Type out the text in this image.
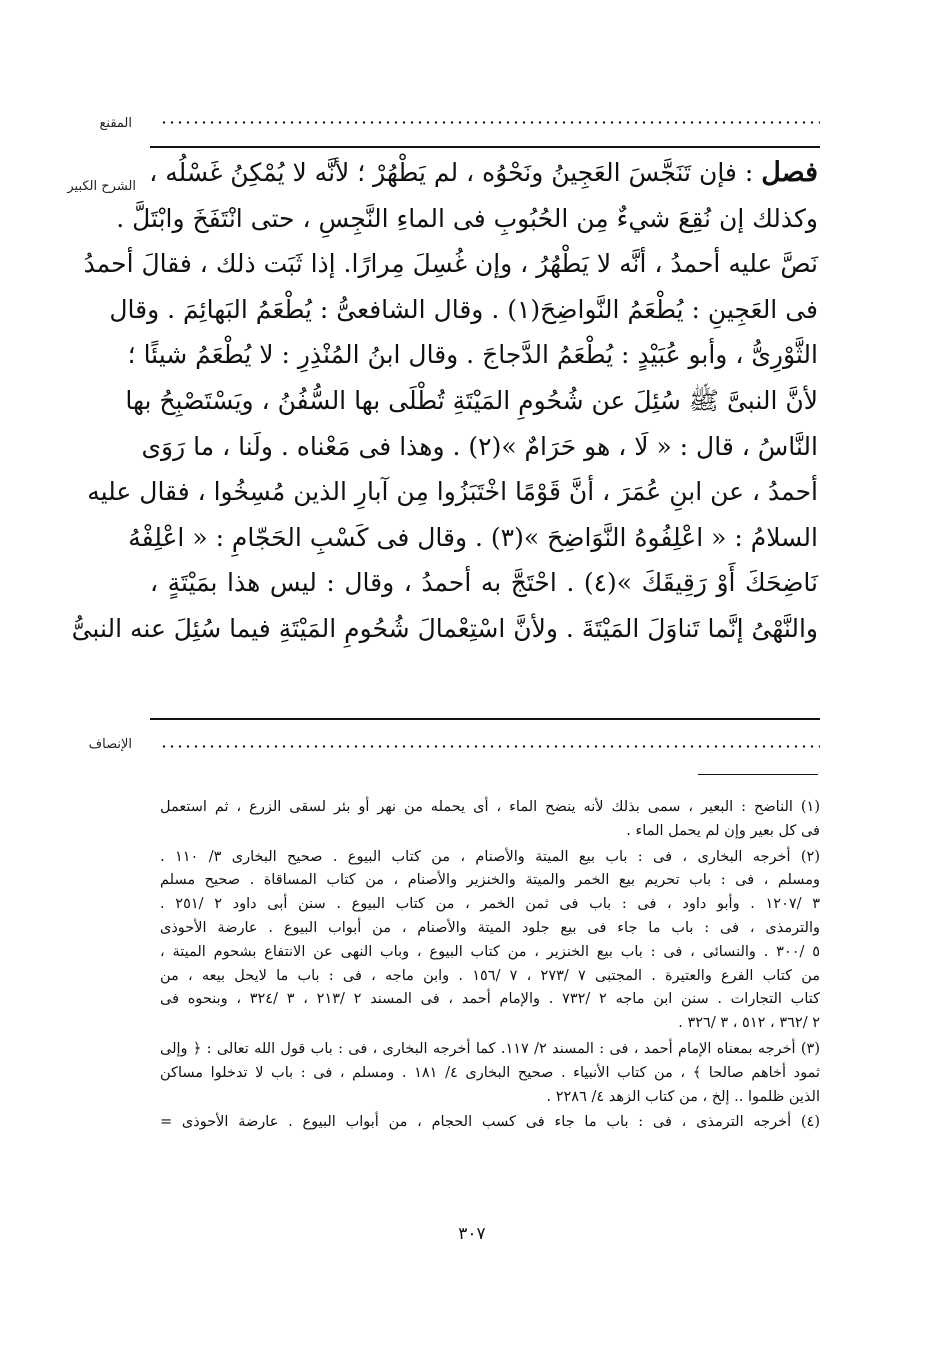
المقنع
الشرح الكبير
الإنصاف
فصل : فإن تَنَجَّسَ العَجِينُ ونَحْوُه ، لم يَطْهُرْ ؛ لأنَّه لا يُمْكِنُ غَسْلُه ،
وكذلك إن نُقِعَ شيءٌ مِن الحُبُوبِ فى الماءِ النَّجِسِ ، حتى انْتَفَخَ وابْتَلَّ .
نَصَّ عليه أحمدُ ، أنَّه لا يَطْهُرُ ، وإن غُسِلَ مِرارًا. إذا ثَبَت ذلك ، فقالَ أحمدُ
فى العَجِينِ : يُطْعَمُ النَّواضِحَ(١) . وقال الشافعىُّ : يُطْعَمُ البَهائِمَ . وقال
الثَّوْرِىُّ ، وأبو عُبَيْدٍ : يُطْعَمُ الدَّجاجَ . وقال ابنُ المُنْذِرِ : لا يُطْعَمُ شيئًا ؛
لأنَّ النبىَّ ﷺ سُئِلَ عن شُحُومِ المَيْتَةِ تُطْلَى بها السُّفُنُ ، ويَسْتَصْبِحُ بها
النَّاسُ ، قال : « لَا ، هو حَرَامٌ »(٢) . وهذا فى مَعْناه . ولَنا ، ما رَوَى
أحمدُ ، عن ابنِ عُمَرَ ، أنَّ قَوْمًا اخْتَبَزُوا مِن آبارِ الذين مُسِخُوا ، فقال عليه
السلامُ : « اعْلِفُوهُ النَّوَاضِحَ »(٣) . وقال فى كَسْبِ الحَجّامِ : « اعْلِفْهُ
نَاضِحَكَ أَوْ رَقِيقَكَ »(٤) . احْتَجَّ به أحمدُ ، وقال : ليس هذا بمَيْتَةٍ ،
والنَّهْىُ إنَّما تَناوَلَ المَيْتَةَ . ولأنَّ اسْتِعْمالَ شُحُومِ المَيْتَةِ فيما سُئِلَ عنه النبىُّ
(١) الناضح : البعير ، سمى بذلك لأنه ينضح الماء ، أى يحمله من نهر أو بئر لسقى الزرع ، ثم استعمل
فى كل بعير وإن لم يحمل الماء .
(٢) أخرجه البخارى ، فى : باب بيع الميتة والأصنام ، من كتاب البيوع . صحيح البخارى ٣/ ١١٠ .
ومسلم ، فى : باب تحريم بيع الخمر والميتة والخنزير والأصنام ، من كتاب المساقاة . صحيح مسلم
٣ /١٢٠٧ . وأبو داود ، فى : باب فى ثمن الخمر ، من كتاب البيوع . سنن أبى داود ٢ /٢٥١ .
والترمذى ، فى : باب ما جاء فى بيع جلود الميتة والأصنام ، من أبواب البيوع . عارضة الأحوذى
٥ /٣٠٠ . والنسائى ، فى : باب بيع الخنزير ، من كتاب البيوع ، وباب النهى عن الانتفاع بشحوم الميتة ،
من كتاب الفرع والعتيرة . المجتبى ٧ /٢٧٣ ، ٧ /١٥٦ . وابن ماجه ، فى : باب ما لايحل بيعه ، من
كتاب التجارات . سنن ابن ماجه ٢ /٧٣٢ . والإمام أحمد ، فى المسند ٢ /٢١٣ ، ٣ /٣٢٤ ، وبنحوه فى
٢ /٣٦٢ ، ٥١٢ ، ٣ /٣٢٦ .
(٣) أخرجه بمعناه الإمام أحمد ، فى : المسند ٢/ ١١٧. كما أخرجه البخارى ، فى : باب قول الله تعالى : ﴿ وإلى
ثمود أخاهم صالحا ﴾ ، من كتاب الأنبياء . صحيح البخارى ٤/ ١٨١ . ومسلم ، فى : باب لا تدخلوا مساكن
الذين ظلموا .. إلخ ، من كتاب الزهد ٤/ ٢٢٨٦ .
(٤) أخرجه الترمذى ، فى : باب ما جاء فى كسب الحجام ، من أبواب البيوع . عارضة الأحوذى =
٣٠٧
